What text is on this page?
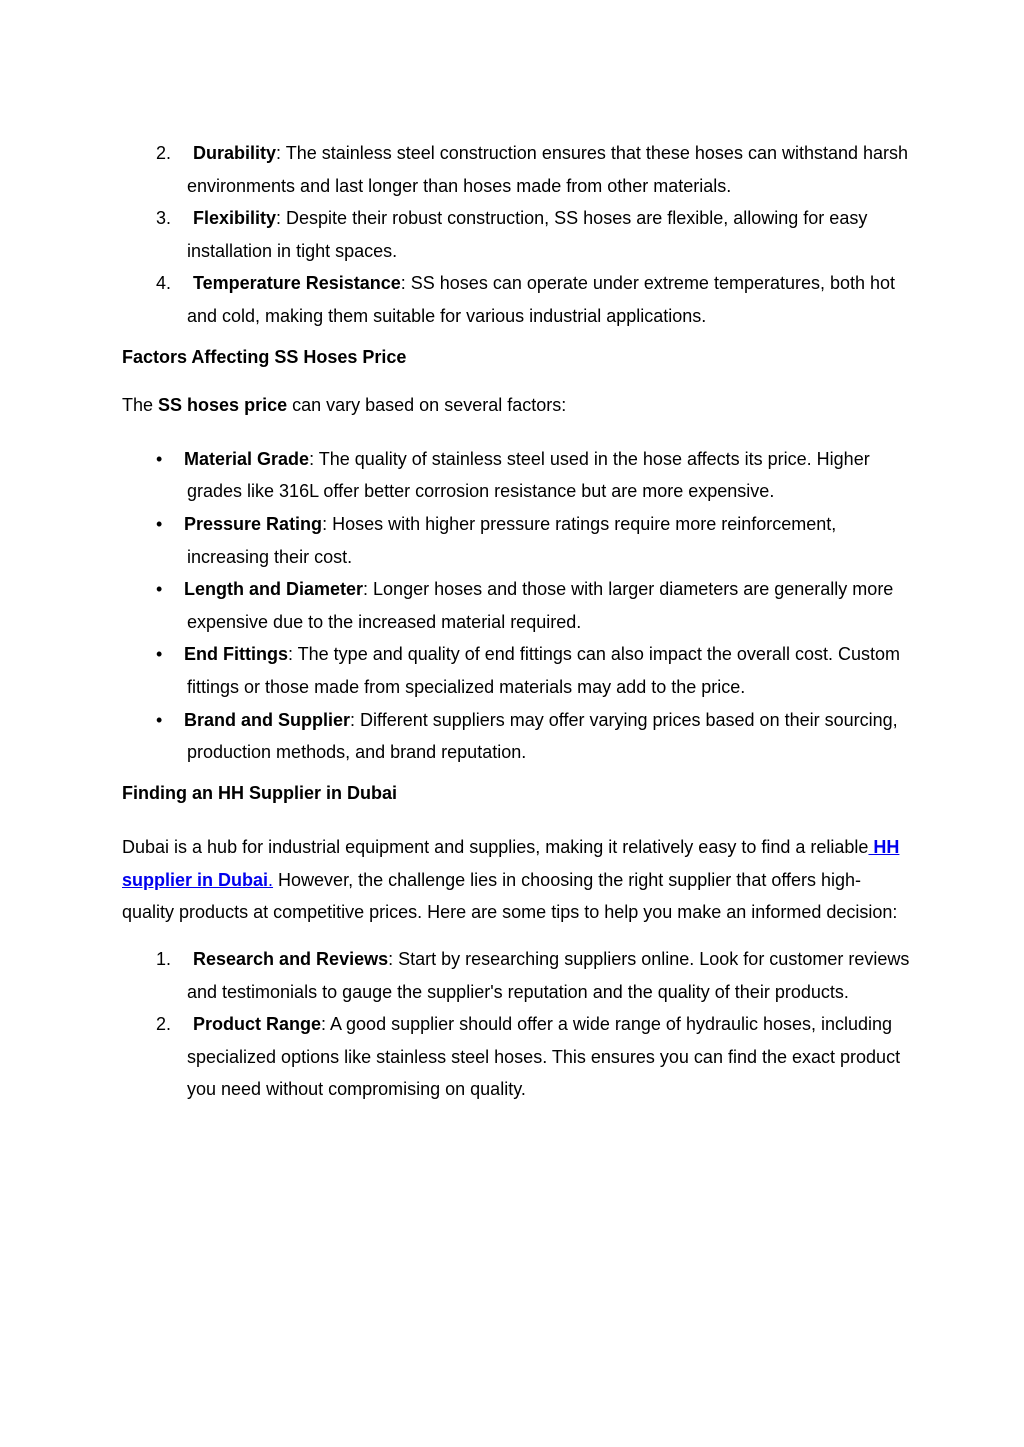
2. Durability: The stainless steel construction ensures that these hoses can withstand harsh environments and last longer than hoses made from other materials.
3. Flexibility: Despite their robust construction, SS hoses are flexible, allowing for easy installation in tight spaces.
4. Temperature Resistance: SS hoses can operate under extreme temperatures, both hot and cold, making them suitable for various industrial applications.
Factors Affecting SS Hoses Price

The SS hoses price can vary based on several factors:

• Material Grade: The quality of stainless steel used in the hose affects its price. Higher grades like 316L offer better corrosion resistance but are more expensive.
• Pressure Rating: Hoses with higher pressure ratings require more reinforcement, increasing their cost.
• Length and Diameter: Longer hoses and those with larger diameters are generally more expensive due to the increased material required.
• End Fittings: The type and quality of end fittings can also impact the overall cost. Custom fittings or those made from specialized materials may add to the price.
• Brand and Supplier: Different suppliers may offer varying prices based on their sourcing, production methods, and brand reputation.
Finding an HH Supplier in Dubai

Dubai is a hub for industrial equipment and supplies, making it relatively easy to find a reliable HH supplier in Dubai. However, the challenge lies in choosing the right supplier that offers high-quality products at competitive prices. Here are some tips to help you make an informed decision:

1. Research and Reviews: Start by researching suppliers online. Look for customer reviews and testimonials to gauge the supplier's reputation and the quality of their products.
2. Product Range: A good supplier should offer a wide range of hydraulic hoses, including specialized options like stainless steel hoses. This ensures you can find the exact product you need without compromising on quality.
